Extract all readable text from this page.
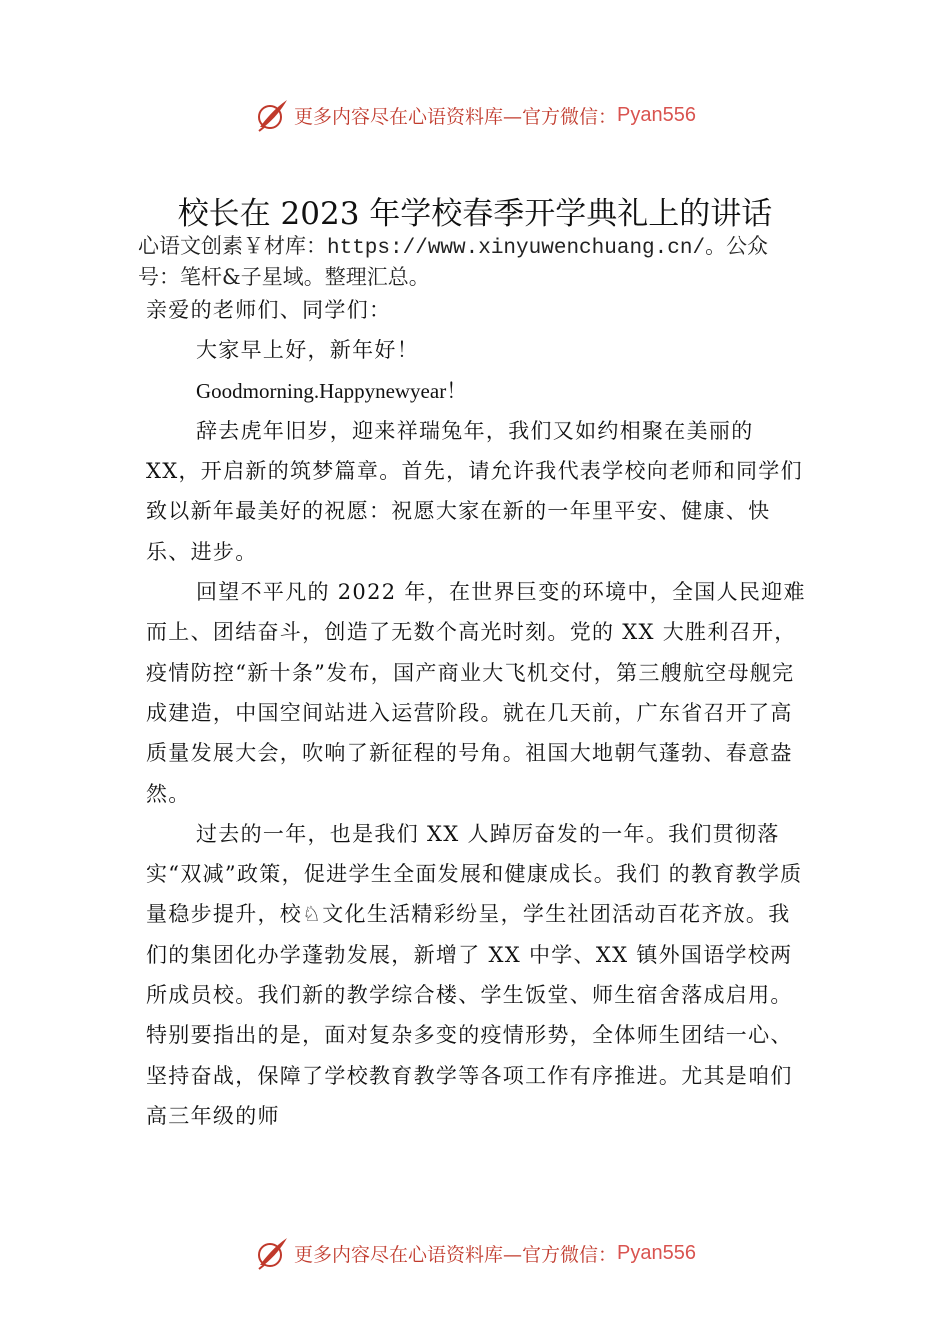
更多内容尽在心语资料库—官方微信： Pyan556
校长在 2023 年学校春季开学典礼上的讲话
心语文创素￥材库：https://www.xinyuwenchuang.cn/。公众
号：笔杆&子星域。整理汇总。

亲爱的老师们、同学们：

大家早上好，新年好！

Goodmorning.Happynewyear！

辞去虎年旧岁，迎来祥瑞兔年，我们又如约相聚在美丽的 XX，开启新的筑梦篇章。首先，请允许我代表学校向老师和同学们致以新年最美好的祝愿：祝愿大家在新的一年里平安、健康、快乐、进步。

回望不平凡的 2022 年，在世界巨变的环境中，全国人民迎难而上、团结奋斗，创造了无数个高光时刻。党的 XX 大胜利召开，疫情防控“新十条”发布，国产商业大飞机交付，第三艘航空母舰完成建造，中国空间站进入运营阶段。就在几天前，广东省召开了高质量发展大会，吹响了新征程的号角。祖国大地朝气蓬勃、春意盎然。

过去的一年，也是我们 XX 人踔厉奋发的一年。我们贯彻落实“双减”政策，促进学生全面发展和健康成长。我们 的教育教学质量稳步提升，校♘文化生活精彩纷呈，学生社团活动百花齐放。我们的集团化办学蓬勃发展，新增了 XX 中学、XX 镇外国语学校两所成员校。我们新的教学综合楼、学生饭堂、师生宿舍落成启用。特别要指出的是，面对复杂多变的疫情形势，全体师生团结一心、坚持奋战，保障了学校教育教学等各项工作有序推进。尤其是咱们高三年级的师

更多内容尽在心语资料库—官方微信： Pyan556
